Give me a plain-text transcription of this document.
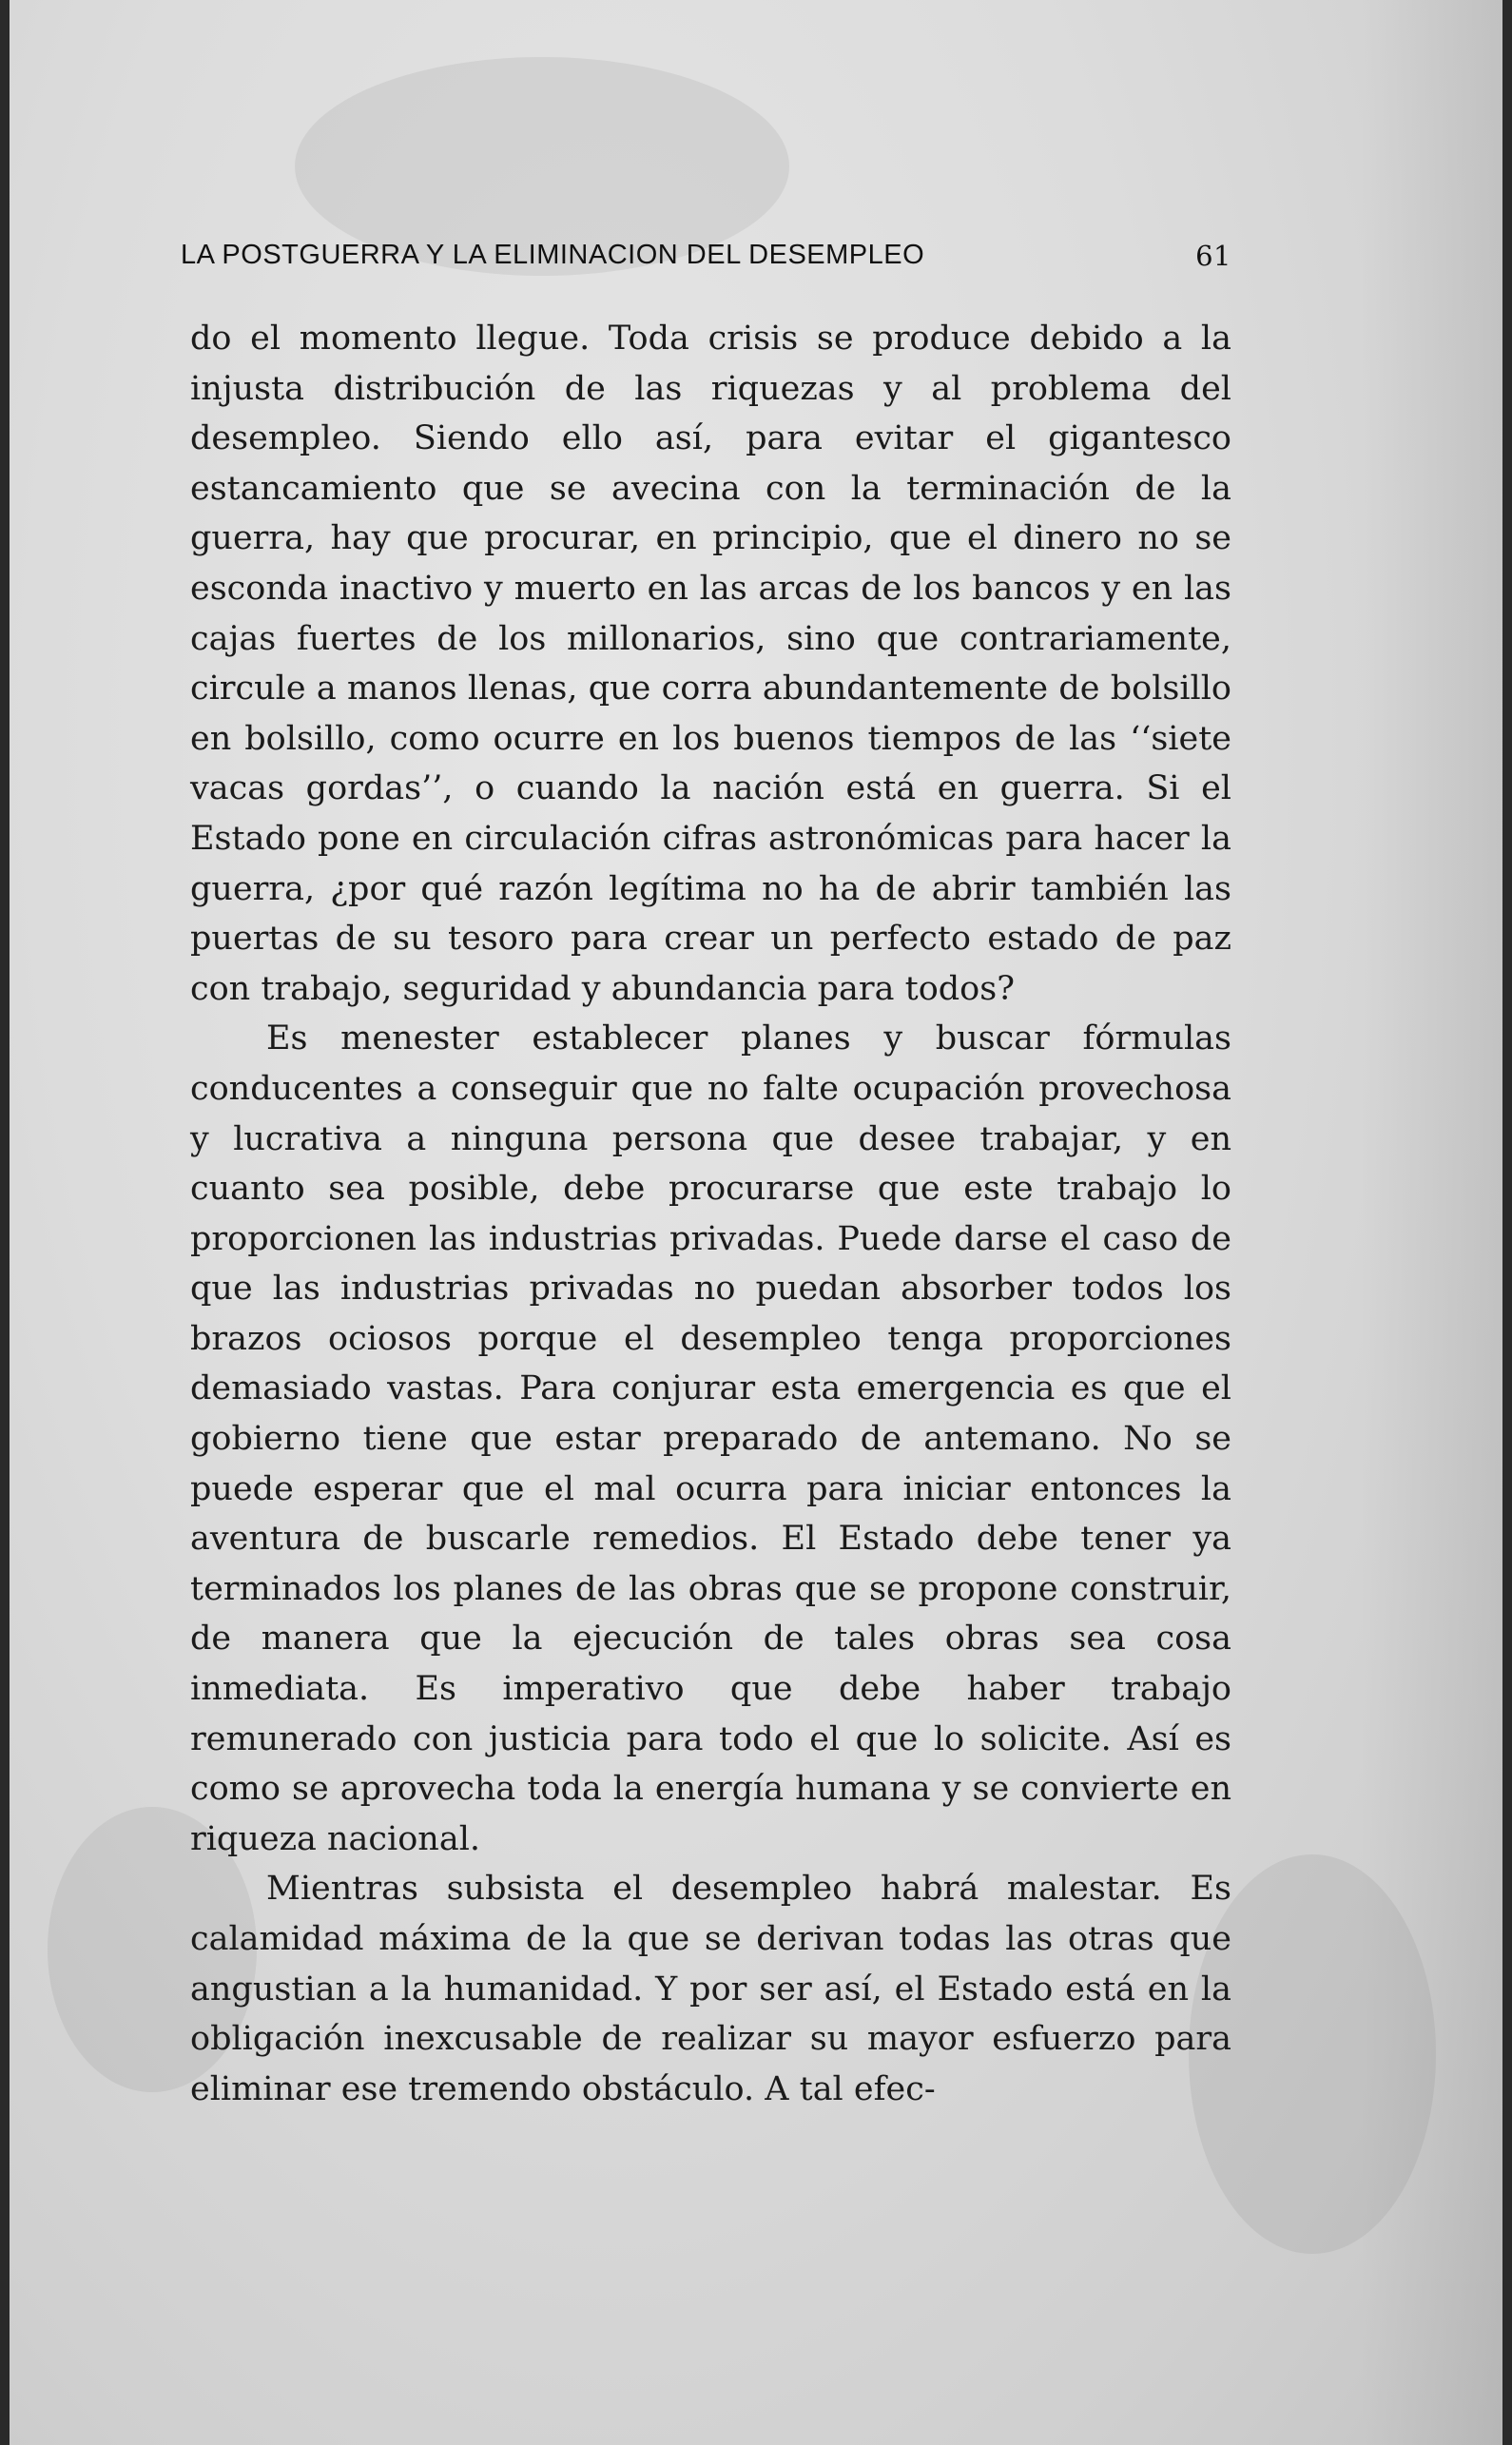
LA POSTGUERRA Y LA ELIMINACION DEL DESEMPLEO	61

do el momento llegue. Toda crisis se produce debido a la injusta distribución de las riquezas y al problema del desempleo. Siendo ello así, para evitar el gigantesco estancamiento que se avecina con la terminación de la guerra, hay que procurar, en principio, que el dinero no se esconda inactivo y muerto en las arcas de los bancos y en las cajas fuertes de los millonarios, sino que contrariamente, circule a manos llenas, que corra abundantemente de bolsillo en bolsillo, como ocurre en los buenos tiempos de las ‘‘siete vacas gordas’’, o cuando la nación está en guerra. Si el Estado pone en circulación cifras astronómicas para hacer la guerra, ¿por qué razón legítima no ha de abrir también las puertas de su tesoro para crear un perfecto estado de paz con trabajo, seguridad y abundancia para todos?

Es menester establecer planes y buscar fórmulas conducentes a conseguir que no falte ocupación provechosa y lucrativa a ninguna persona que desee trabajar, y en cuanto sea posible, debe procurarse que este trabajo lo proporcionen las industrias privadas. Puede darse el caso de que las industrias privadas no puedan absorber todos los brazos ociosos porque el desempleo tenga proporciones demasiado vastas. Para conjurar esta emergencia es que el gobierno tiene que estar preparado de antemano. No se puede esperar que el mal ocurra para iniciar entonces la aventura de buscarle remedios. El Estado debe tener ya terminados los planes de las obras que se propone construir, de manera que la ejecución de tales obras sea cosa inmediata. Es imperativo que debe haber trabajo remunerado con justicia para todo el que lo solicite. Así es como se aprovecha toda la energía humana y se convierte en riqueza nacional.

Mientras subsista el desempleo habrá malestar. Es calamidad máxima de la que se derivan todas las otras que angustian a la humanidad. Y por ser así, el Estado está en la obligación inexcusable de realizar su mayor esfuerzo para eliminar ese tremendo obstáculo. A tal efec-
